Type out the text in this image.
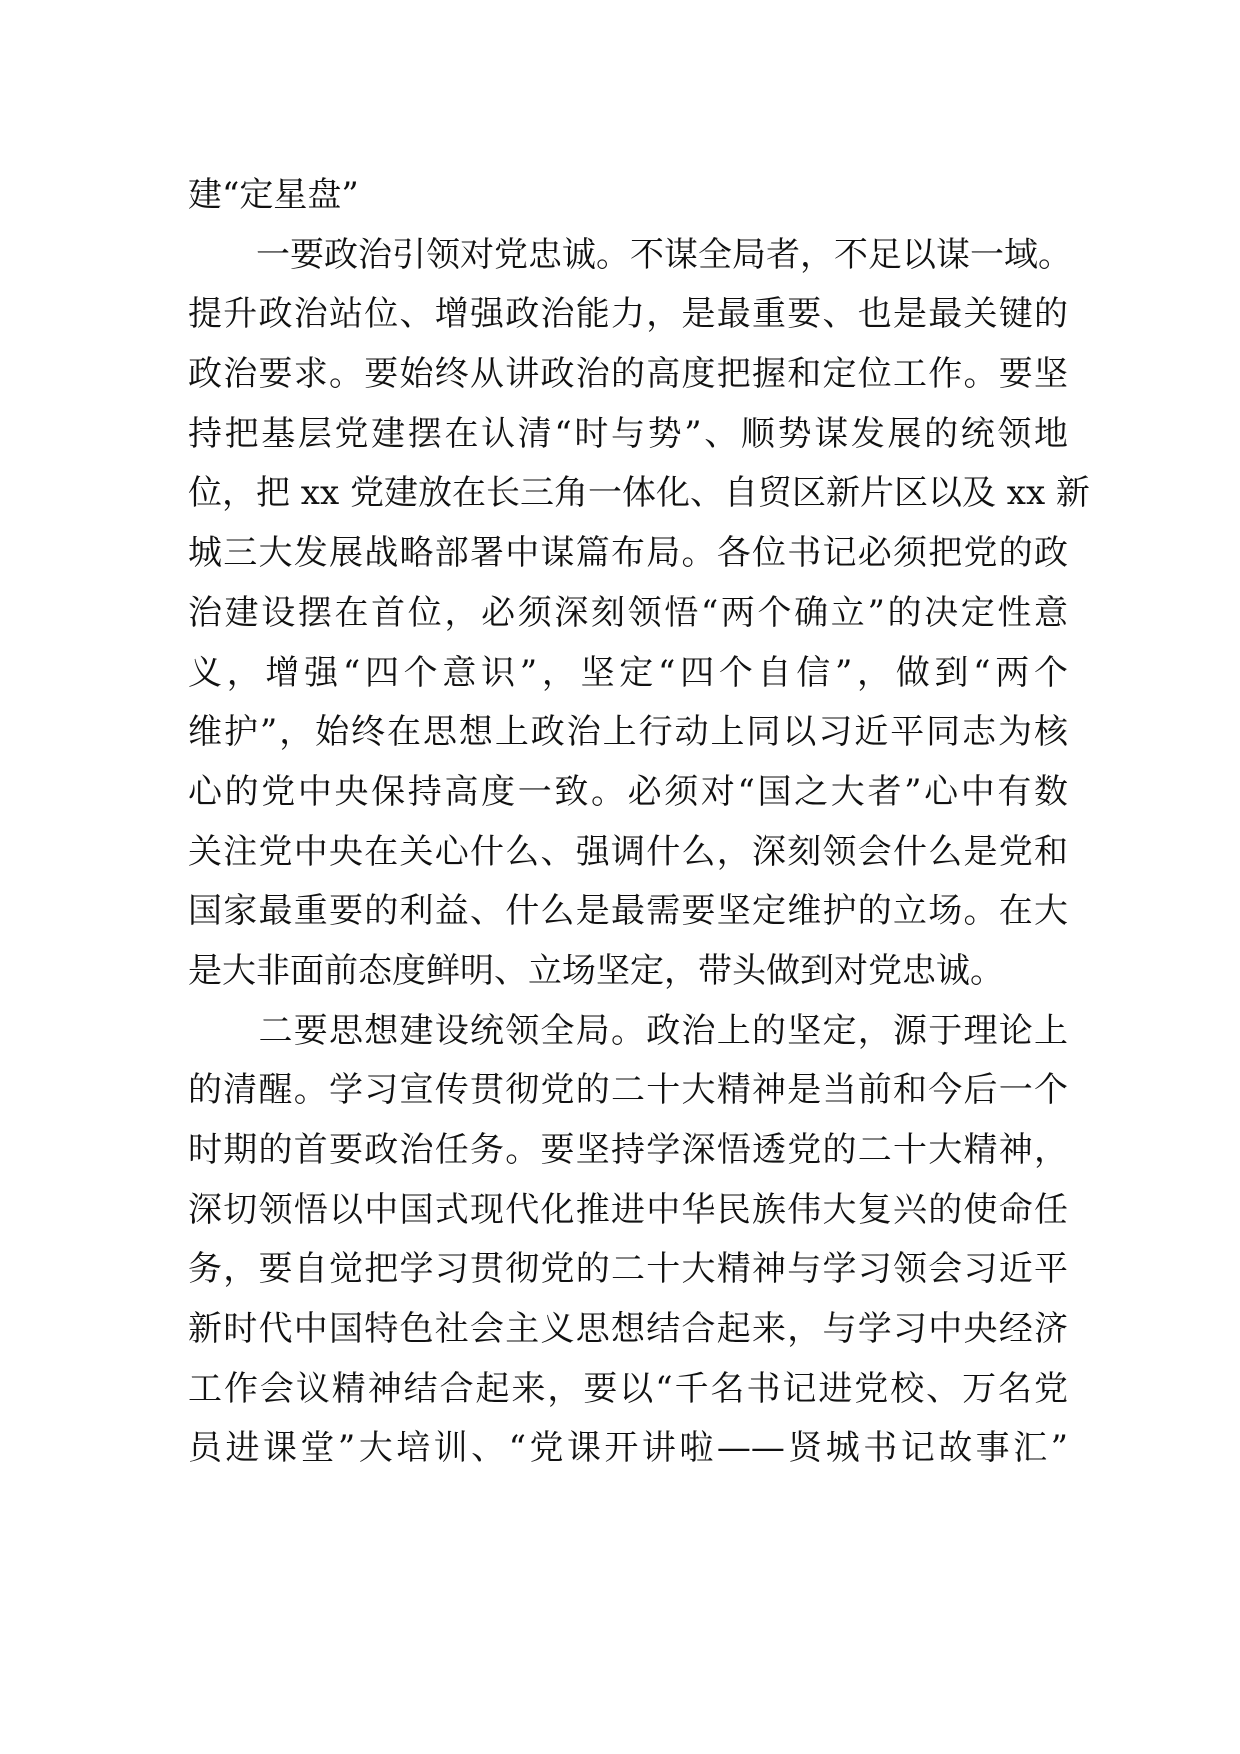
建“定星盘”
　　一要政治引领对党忠诚。不谋全局者，不足以谋一域。
提升政治站位、增强政治能力，是最重要、也是最关键的
政治要求。要始终从讲政治的高度把握和定位工作。要坚
持把基层党建摆在认清“时与势”、顺势谋发展的统领地
位，把 xx 党建放在长三角一体化、自贸区新片区以及 xx 新
城三大发展战略部署中谋篇布局。各位书记必须把党的政
治建设摆在首位，必须深刻领悟“两个确立”的决定性意
义，增强“四个意识”，坚定“四个自信”，做到“两个
维护”，始终在思想上政治上行动上同以习近平同志为核
心的党中央保持高度一致。必须对“国之大者”心中有数
关注党中央在关心什么、强调什么，深刻领会什么是党和
国家最重要的利益、什么是最需要坚定维护的立场。在大
是大非面前态度鲜明、立场坚定，带头做到对党忠诚。
　　二要思想建设统领全局。政治上的坚定，源于理论上
的清醒。学习宣传贯彻党的二十大精神是当前和今后一个
时期的首要政治任务。要坚持学深悟透党的二十大精神，
深切领悟以中国式现代化推进中华民族伟大复兴的使命任
务，要自觉把学习贯彻党的二十大精神与学习领会习近平
新时代中国特色社会主义思想结合起来，与学习中央经济
工作会议精神结合起来，要以“千名书记进党校、万名党
员进课堂”大培训、“党课开讲啦——贤城书记故事汇”
